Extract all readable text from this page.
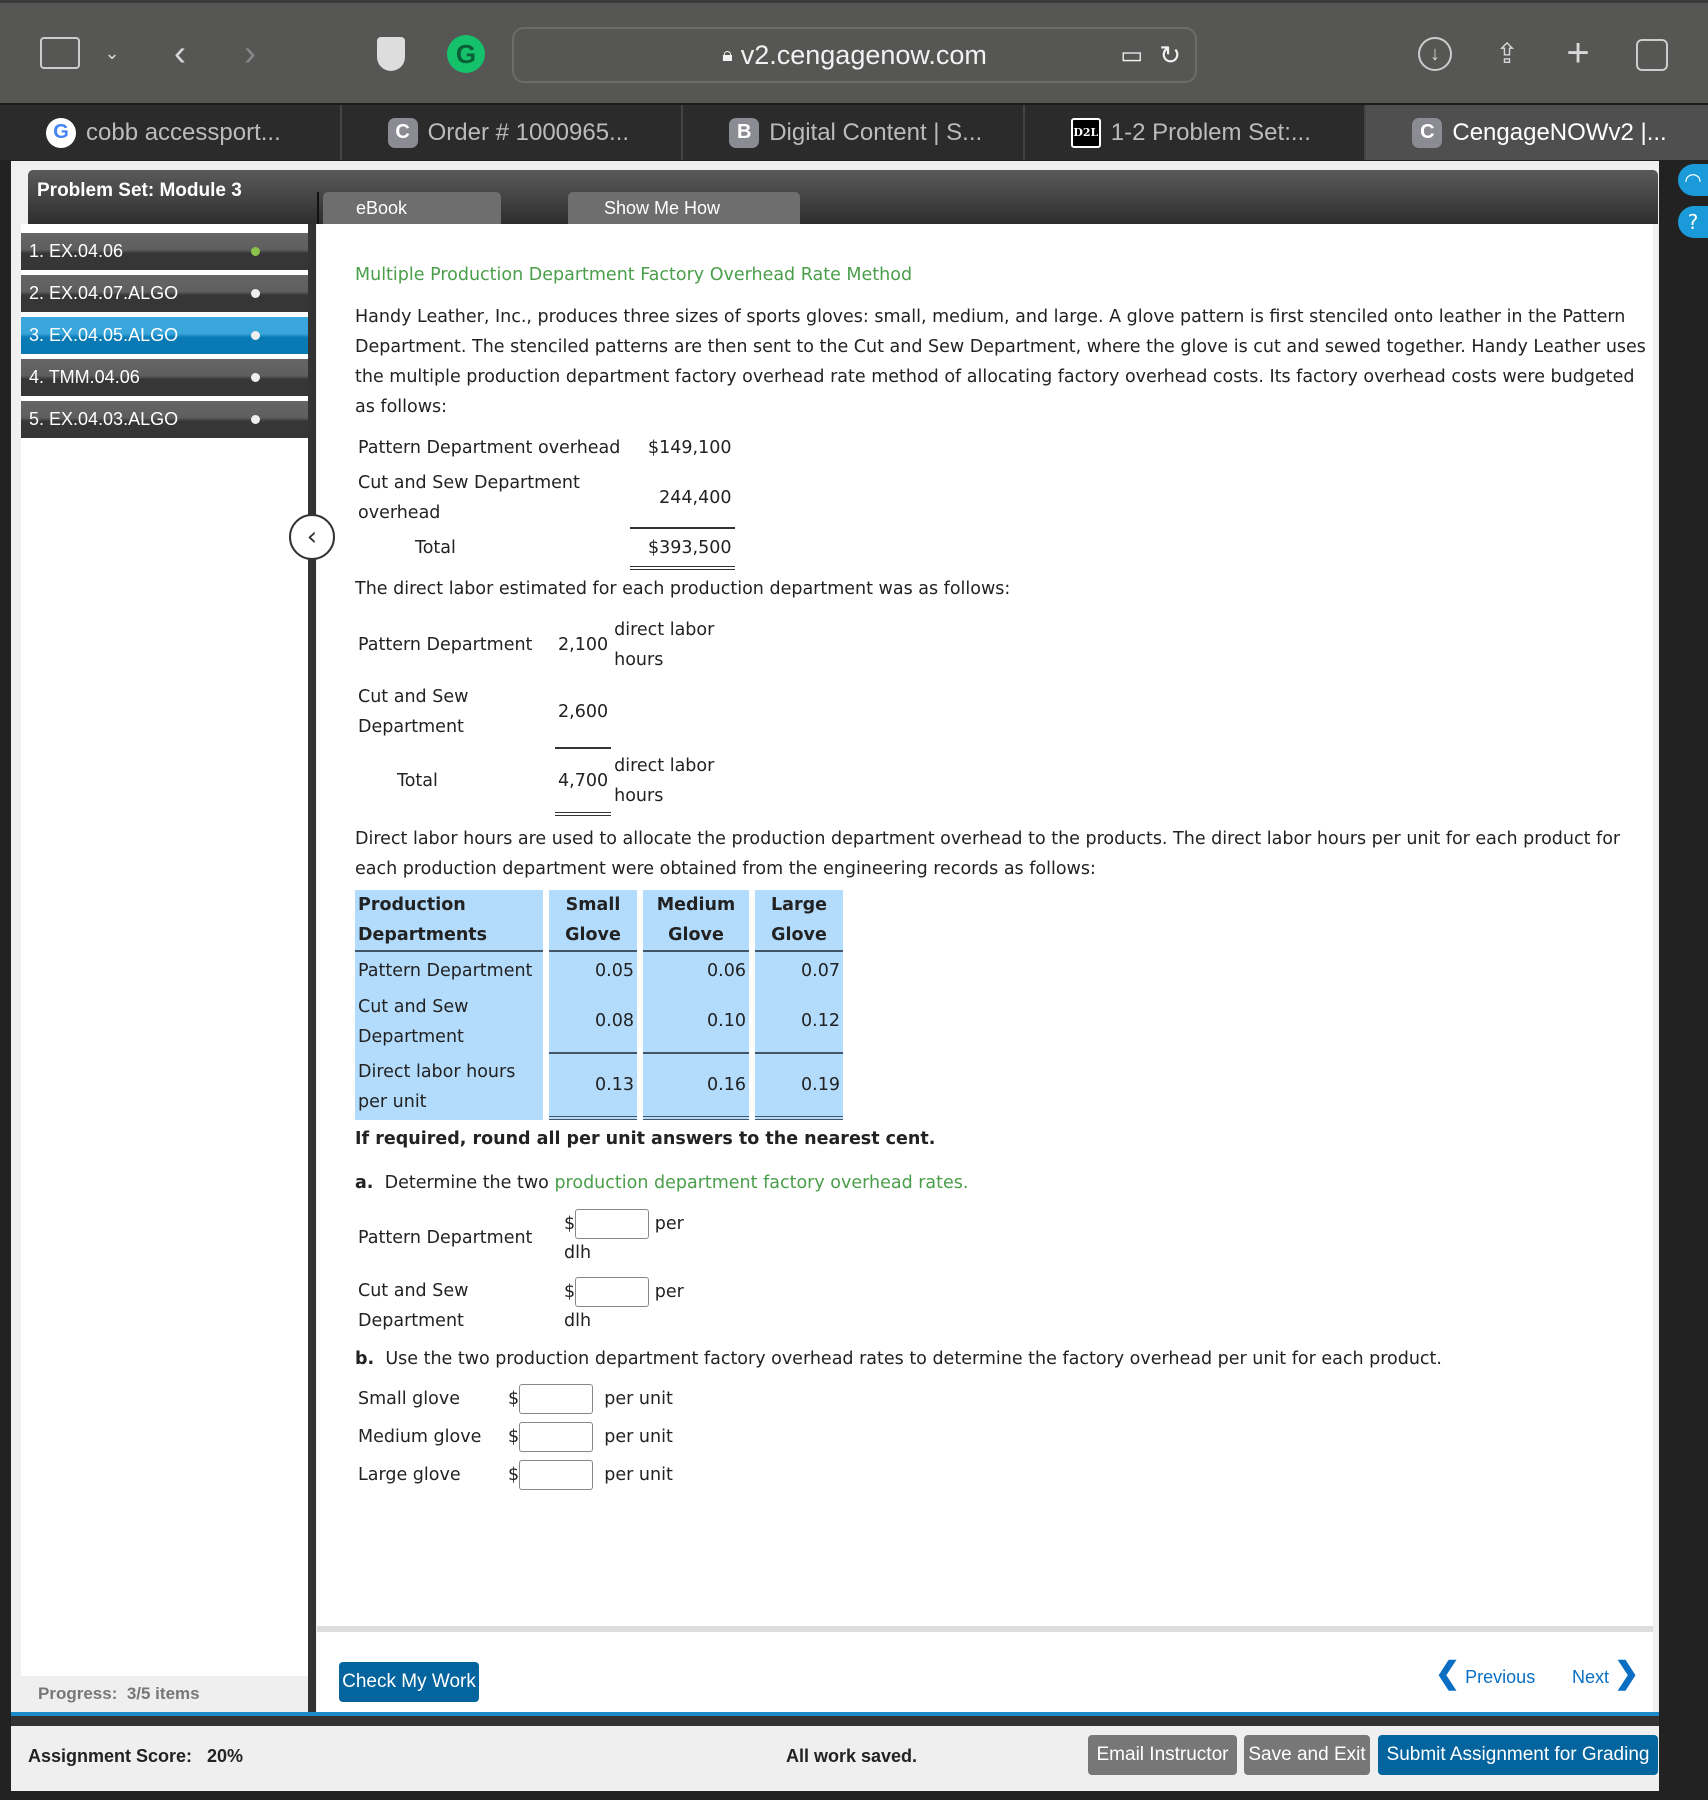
⌄ ‹ ›	G	🔒︎ v2.cengagenow.com	▭ ↻	↓	⇪ +
G cobb accessport...	C Order # 1000965...	B Digital Content | S...	D2L 1-2 Problem Set:...	C CengageNOWv2 |...
◠
?
Problem Set: Module 3
eBook	Show Me How
1. EX.04.06
2. EX.04.07.ALGO
3. EX.04.05.ALGO
4. TMM.04.06
5. EX.04.03.ALGO
Progress: 3/5 items

Multiple Production Department Factory Overhead Rate Method

Handy Leather, Inc., produces three sizes of sports gloves: small, medium, and large. A glove pattern is first stenciled onto leather in the Pattern Department. The stenciled patterns are then sent to the Cut and Sew Department, where the glove is cut and sewed together. Handy Leather uses the multiple production department factory overhead rate method of allocating factory overhead costs. Its factory overhead costs were budgeted as follows:

Pattern Department overhead	$149,100
Cut and Sew Department overhead	244,400
Total	$393,500

The direct labor estimated for each production department was as follows:

Pattern Department	2,100	direct labor hours
Cut and Sew Department	2,600	
Total	4,700	direct labor hours

Direct labor hours are used to allocate the production department overhead to the products. The direct labor hours per unit for each product for each production department were obtained from the engineering records as follows:

Production Departments	Small Glove	Medium Glove	Large Glove
Pattern Department	0.05	0.06	0.07
Cut and Sew Department	0.08	0.10	0.12
Direct labor hours per unit	0.13	0.16	0.19

If required, round all per unit answers to the nearest cent.

a. Determine the two production department factory overhead rates.

Pattern Department	$ per
dlh
Cut and Sew Department	$ per
dlh

b. Use the two production department factory overhead rates to determine the factory overhead per unit for each product.

Small glove	$ per unit
Medium glove	$ per unit
Large glove	$ per unit
‹
Check My Work	❮ Previous Next ❯
Assignment Score: 20%	All work saved.	Email Instructor	Save and Exit	Submit Assignment for Grading
